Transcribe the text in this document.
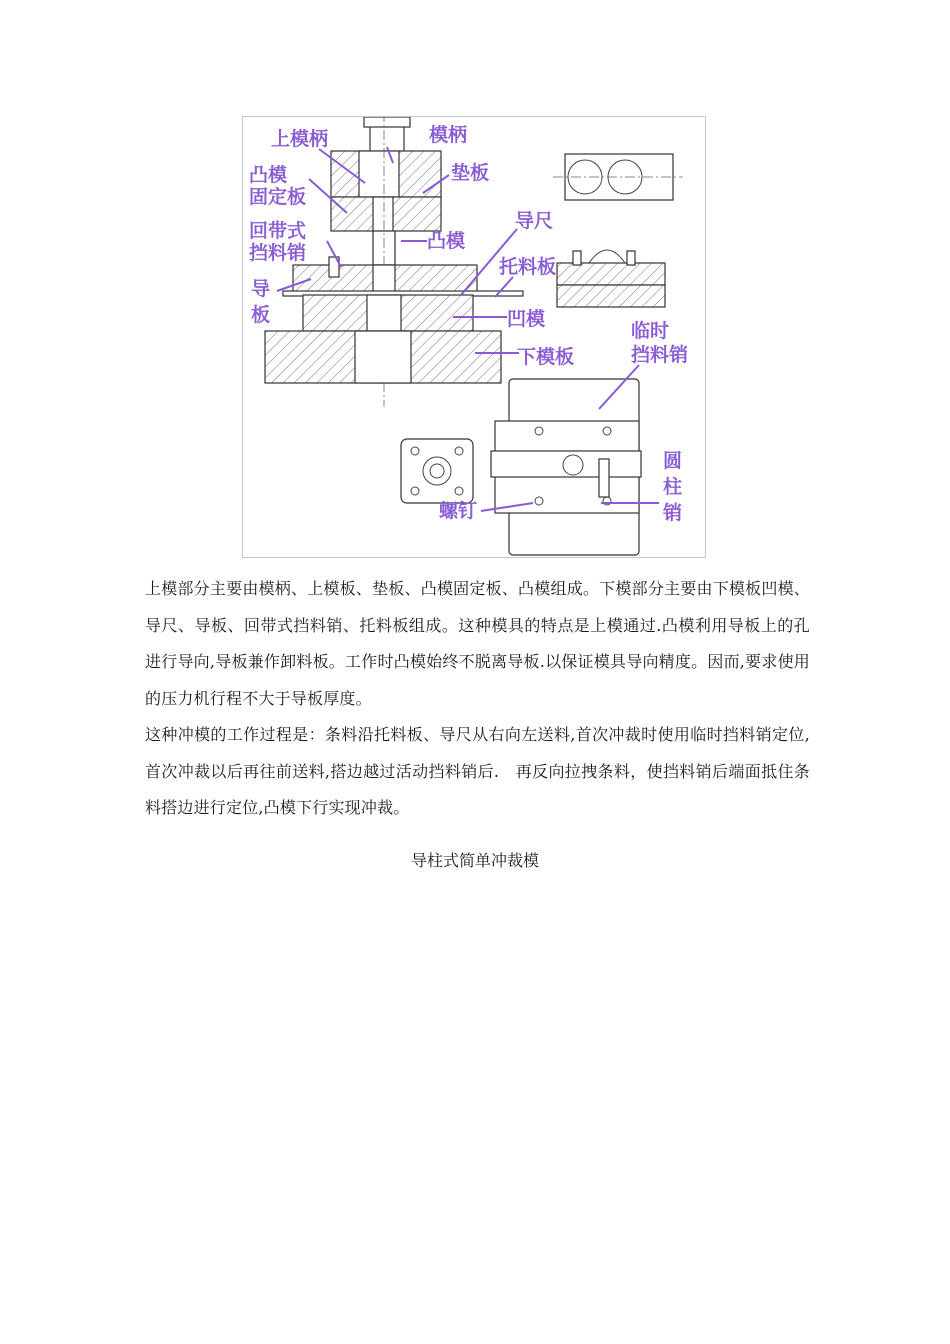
上模柄	模柄
凸模
固定板
垫板
导尺
回带式
挡料销
凸模
托料板
导
板	凹模
下模板
临时
挡料销
圆
柱
销
螺钉

上模部分主要由模柄、上模板、垫板、凸模固定板、凸模组成。下模部分主要由下模板凹模、导尺、导板、回带式挡料销、托料板组成。这种模具的特点是上模通过.凸模利用导板上的孔进行导向,导板兼作卸料板。工作时凸模始终不脱离导板.以保证模具导向精度。因而,要求使用的压力机行程不大于导板厚度。

这种冲模的工作过程是：条料沿托料板、导尺从右向左送料,首次冲裁时使用临时挡料销定位,首次冲裁以后再往前送料,搭边越过活动挡料销后.　再反向拉拽条料，使挡料销后端面抵住条料搭边进行定位,凸模下行实现冲裁。

导柱式简单冲裁模
